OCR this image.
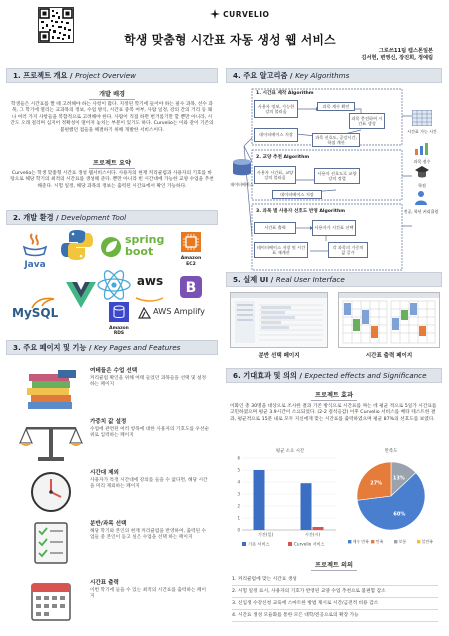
CURVELIO
학생 맞춤형 시간표 자동 생성 웹 서비스
그로쓰11팀 캡스톤일본
김서현, 변영신, 장진희, 정예림
1. 프로젝트 개요 / Project Overview
개발 배경
학생들은 시간표를 짤 때 고려해야 하는 사항이 많다. 지정된 학기에 들어야 하는 필수 과목, 선수 과목, 그 학기에 열리는 교과목의 정보, 수업 방식, 시간표 중복 여부, 사람 일정, 강의 간의 거리 등 꽤나 여러 가지 사항들을 복합적으로 고려해야 한다. 사람이 직접 하면 번거롭기만 할 뿐만 아니라, 시간도 오래 걸리며 심지어 정확성이 떨어져 놓치는 부분이 있기도 하다. Curvelio는 이와 같이 기존의 불편했던 점들을 해결하기 위해 개발한 서비스이다.
프로젝트 요약
Curvelio는 학생 맞춤형 시간표 생성 웹서비스이다. 사용자의 현재 커리큘럼과 사용자의 기호를 바탕으로 해당 학기의 최적의 시간표를 생성해 준다. 뿐만 아니라 빈 시간대에 가능한 교양 수업을 추천해준다. 시험 일정, 해당 과목의 정보는 출력된 시간표에서 확인 가능하다.
2. 개발 환경 / Development Tool
Java
spring
boot
Amazon
EC2
MySQL
aws	B
Amazon
RDS
AWS Amplify
3. 주요 페이지 및 기능 / Key Pages and Features
여테들은 수업 선택
커리큘럼 확인을 위해 여태 들었던 과목들을 선택 및 설정 하는 페이지
가중치 값 설정
수업에 관련된 여러 항목에 대한 사용자의 기호도를 우선순위로 입력하는 페이지
시간대 제외
사용자가 특정 시간대에 강의를 들을 수 없다면, 해당 시간을 미리 제외하는 페이지
분반/과목 선택
해당 학기와 본인의 현재 커리큘럼을 반영하여, 출력된 수업들 중 본인이 듣고 싶은 수업을 선택 하는 페이지
시간표 출력
이번 학기에 들을 수 있는 최적의 시간표를 출력하는 페이지
4. 주요 알고리즘 / Key Algorithms
1. 시간표 제작 Algorithm
사용자 정보, 가능한 강의 불러옴
과목 계수 확인
과목 충전하여 시간표 생성
데이터베이스 저장	과목 선호도, 공강시간, 학점 계산
2. 교양 추천 Algorithm
사용자 시간표, 교양 강의 불러옴
사용자 선호도로 교양 강의 정렬
데이터베이스 저장
3. 과목 별 사용자 선호도 반영 Algorithm
시간표 출력	사용자가 시간표 선택
데이터베이스 저장 및 시간표 재계산
각 과목의 가중치 값 증가
데이터베이스
시간표 가능 시간
과목 점수
학점
전공, 학년 커리큘럼
5. 실제 UI / Real User Interface
분반 선택 페이지	시간표 출력 페이지
6. 기대효과 및 의의 / Expected effects and Significance
프로젝트 효과
이화인 총 30명을 대상으로 조사한 결과 기존 방식으로 시간표를 짜는 데 평균 적으로 5일가 시간표를 고민하였으며 평균 3.9시간이 소요되었다. (2-2 걸석응감) 이후 Curvelio 서비스를 베타 테스트한 결과, 평균적으로 15분 내로 모두 지신에게 맞는 시간표를 출력하였으며 평균 87%의 선호도를 보였다.
평균 소요 시간
0
1
2
3
4
5
6
기간(일)	시간(시)
기존 서비스	Curvelio 서비스
만족도
13%
60%
27%
매우 만족 만족	보통	불만족
프로젝트 의의
1. 커리큘럼에 맞는 시간표 생성
2. 시험 일정 표시, 사용자의 기호가 반영된 교양 수업 추천으로 불편함 감소
3. 신입생 수강신청 교육에 스마트한 방법 제시로 시간/금전적 비용 감소
4. 시간표 생성 모듈화를 통한 모든 대학/전공으로의 확장 가능
